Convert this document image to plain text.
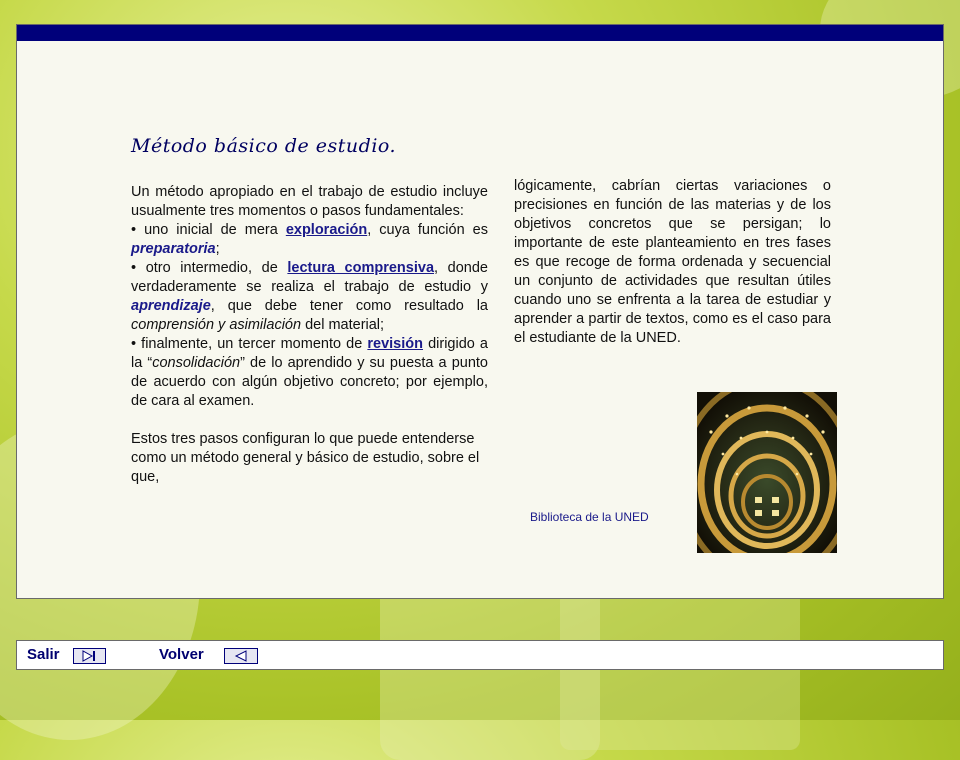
Método básico de estudio.

Un método apropiado en el trabajo de estudio incluye usualmente tres momentos o pasos fundamentales:

• uno inicial de mera exploración, cuya función es preparatoria;

• otro intermedio, de lectura comprensiva, donde verdaderamente se realiza el trabajo de estudio y aprendizaje, que debe tener como resultado la comprensión y asimilación del material;

• finalmente, un tercer momento de revisión dirigido a la “consolidación” de lo aprendido y su puesta a punto de acuerdo con algún objetivo concreto; por ejemplo, de cara al examen.

Estos tres pasos configuran lo que puede entenderse como un método general y básico de estudio, sobre el que,

lógicamente, cabrían ciertas variaciones o precisiones en función de las materias y de los objetivos concretos que se persigan; lo importante de este planteamiento en tres fases es que recoge de forma ordenada y secuencial un conjunto de actividades que resultan útiles cuando uno se enfrenta a la tarea de estudiar y aprender a partir de textos, como es el caso para el estudiante de la UNED.

Biblioteca de la UNED
Salir	Volver
